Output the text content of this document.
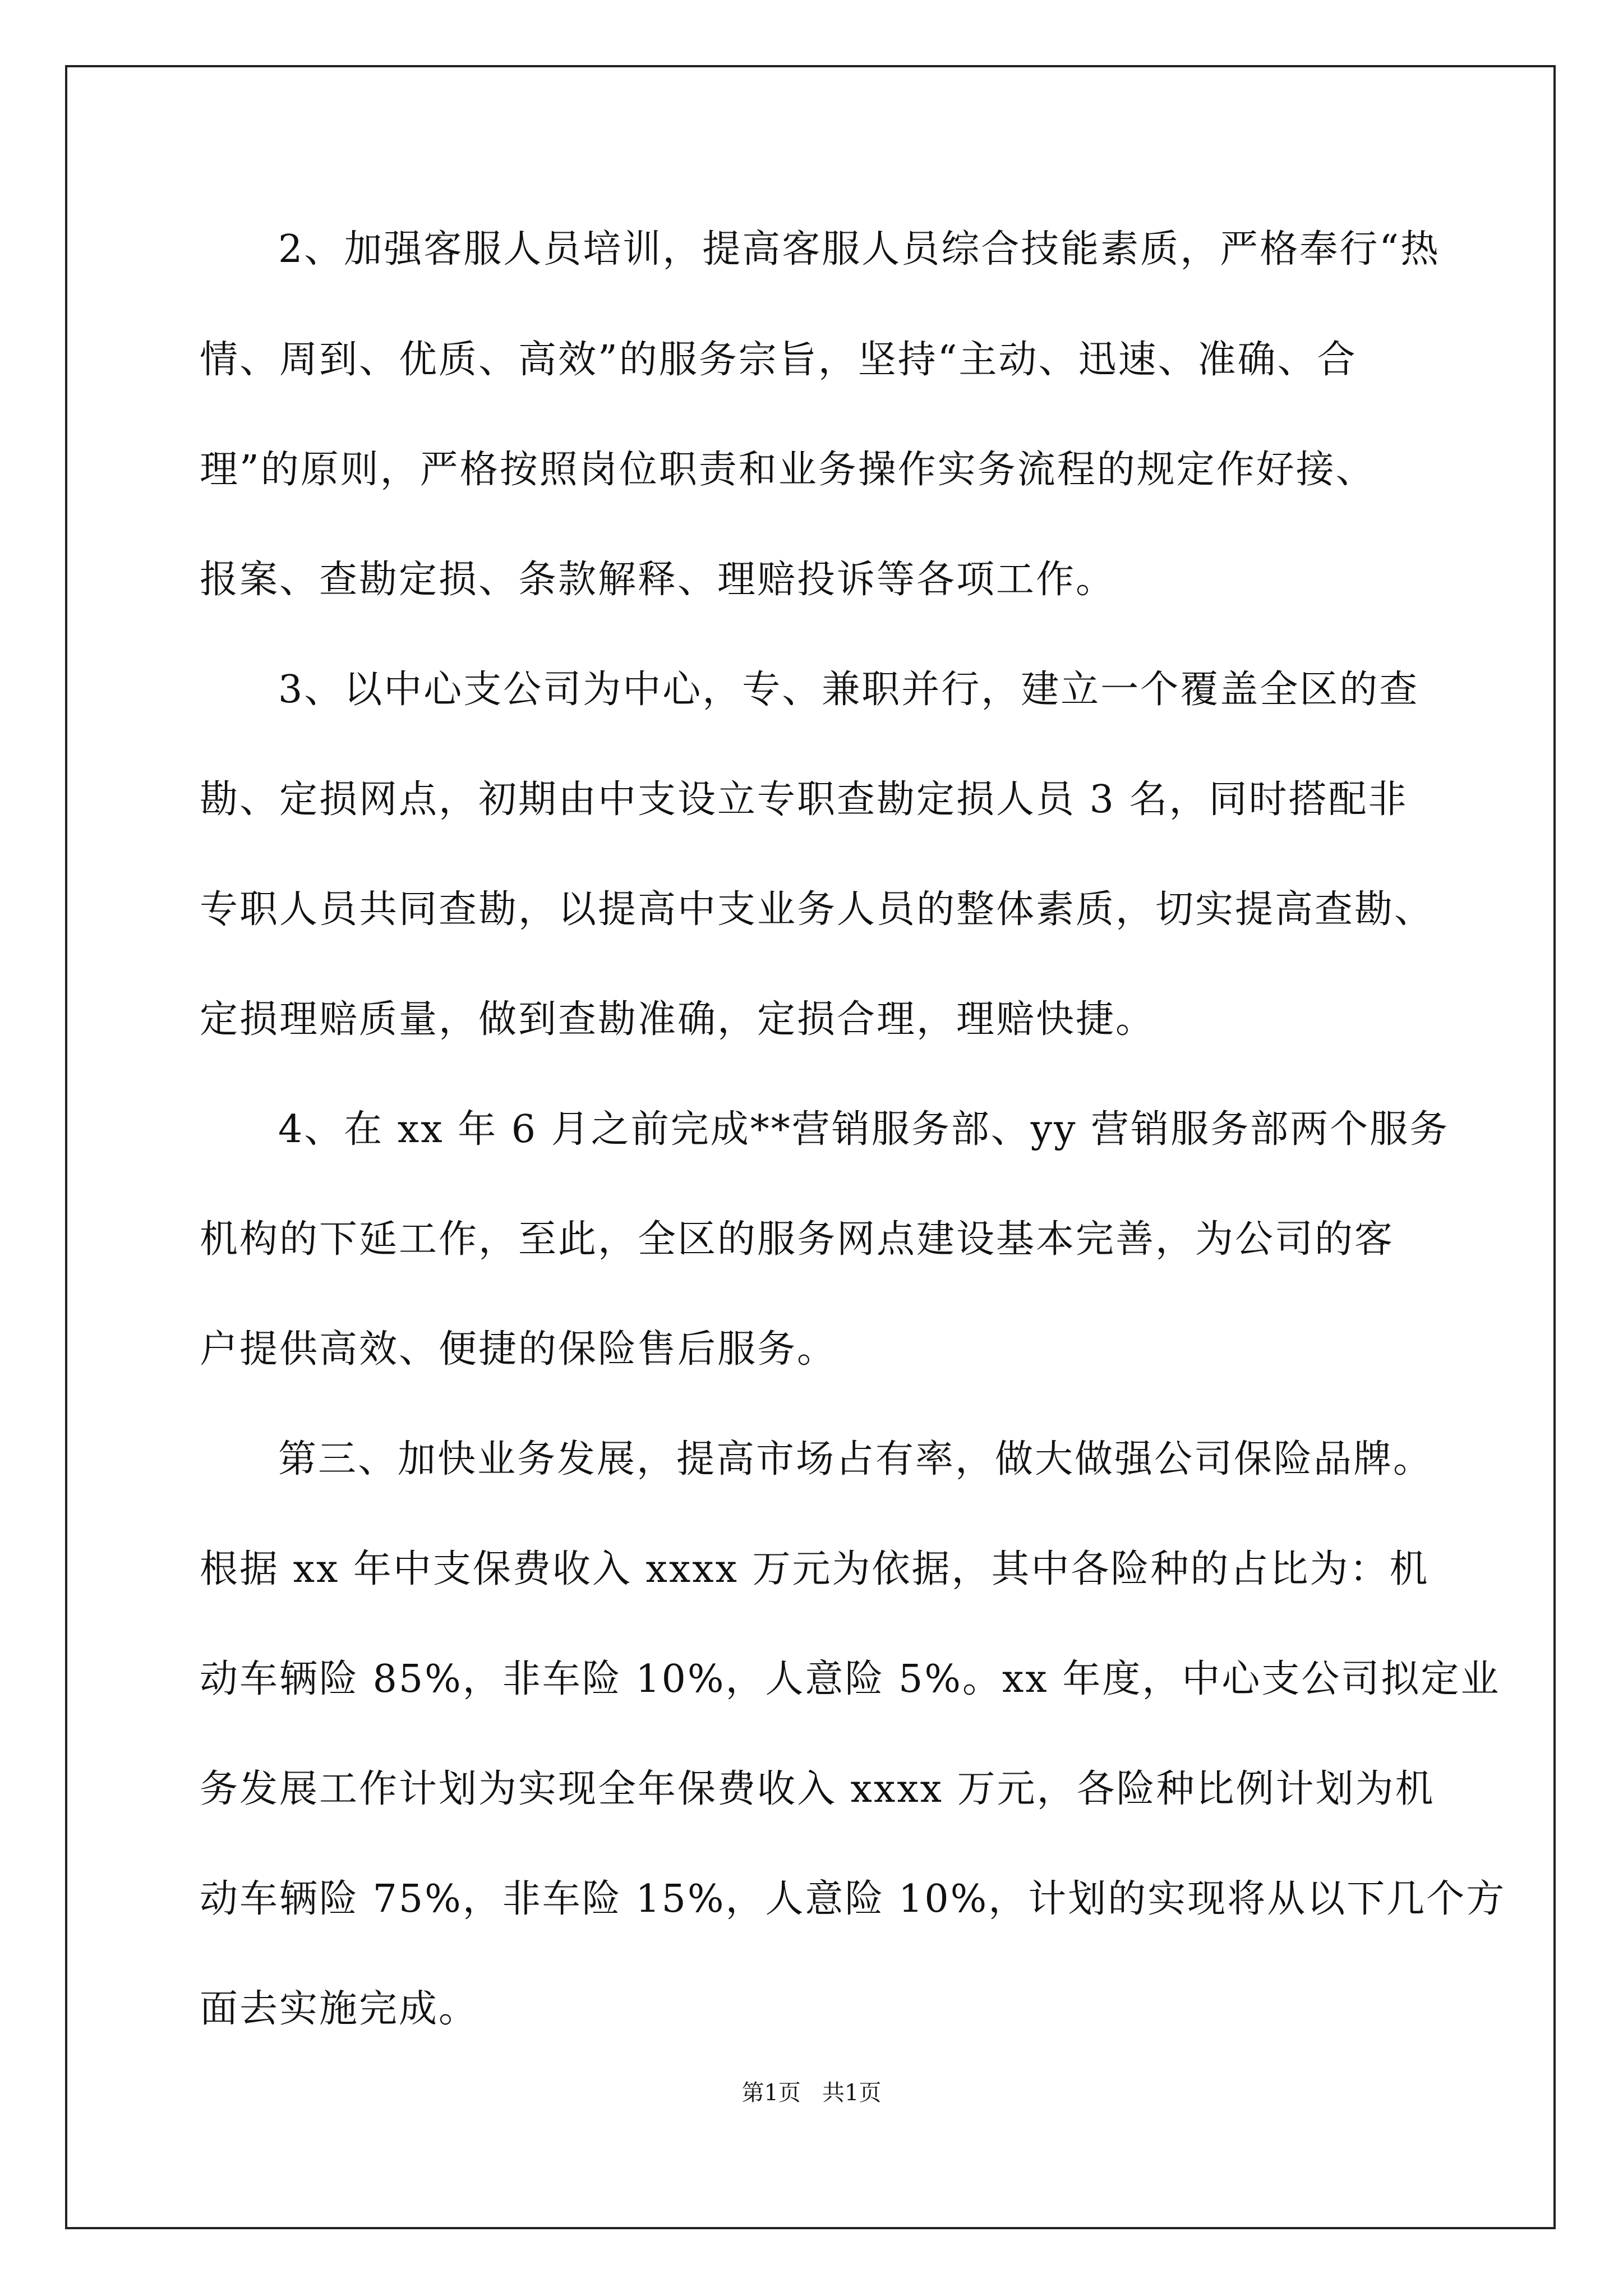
2、加强客服人员培训，提高客服人员综合技能素质，严格奉行“热
情、周到、优质、高效”的服务宗旨，坚持“主动、迅速、准确、合
理”的原则，严格按照岗位职责和业务操作实务流程的规定作好接、
报案、查勘定损、条款解释、理赔投诉等各项工作。
3、以中心支公司为中心，专、兼职并行，建立一个覆盖全区的查
勘、定损网点，初期由中支设立专职查勘定损人员 3 名，同时搭配非
专职人员共同查勘，以提高中支业务人员的整体素质，切实提高查勘、
定损理赔质量，做到查勘准确，定损合理，理赔快捷。
4、在 xx 年 6 月之前完成**营销服务部、yy 营销服务部两个服务
机构的下延工作，至此，全区的服务网点建设基本完善，为公司的客
户提供高效、便捷的保险售后服务。
第三、加快业务发展，提高市场占有率，做大做强公司保险品牌。
根据 xx 年中支保费收入 xxxx 万元为依据，其中各险种的占比为：机
动车辆险 85%，非车险 10%，人意险 5%。xx 年度，中心支公司拟定业
务发展工作计划为实现全年保费收入 xxxx 万元，各险种比例计划为机
动车辆险 75%，非车险 15%，人意险 10%，计划的实现将从以下几个方
面去实施完成。
第1页   共1页
